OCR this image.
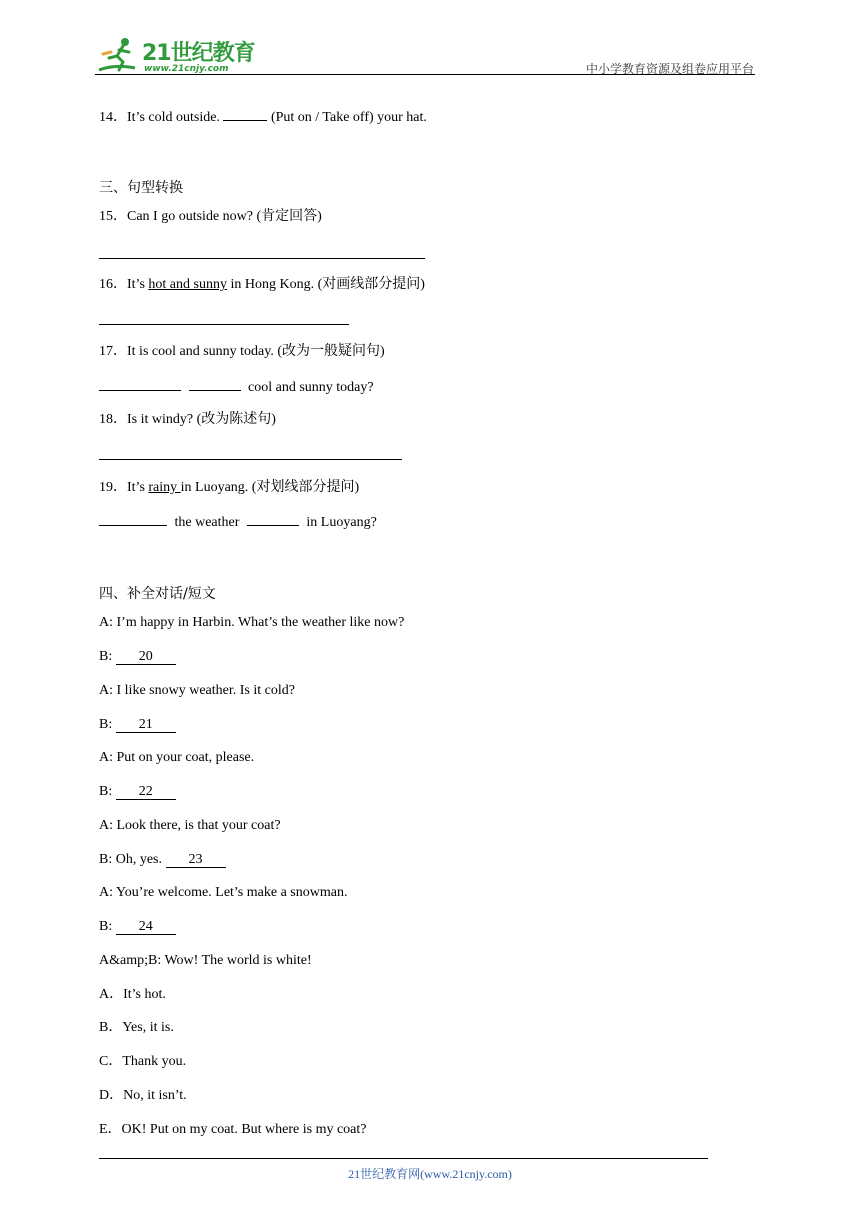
21世纪教育
www.21cnjy.com	中小学教育资源及组卷应用平台
14．It’s cold outside.	(Put on / Take off) your hat.
三、句型转换
15．Can I go outside now? (肯定回答)
16．It’s hot and sunny in Hong Kong. (对画线部分提问)
17．It is cool and sunny today. (改为一般疑问句)
cool and sunny today?
18．Is it windy? (改为陈述句)
19．It’s rainy in Luoyang. (对划线部分提问)
the weather	in Luoyang?
四、补全对话/短文
A: I’m happy in Harbin. What’s the weather like now?
B: 20
A: I like snowy weather. Is it cold?
B: 21
A: Put on your coat, please.
B: 22
A: Look there, is that your coat?
B: Oh, yes. 23
A: You’re welcome. Let’s make a snowman.
B: 24
A&amp;B: Wow! The world is white!
A．It’s hot.
B．Yes, it is.
C．Thank you.
D．No, it isn’t.
E．OK! Put on my coat. But where is my coat?
21世纪教育网(www.21cnjy.com)
